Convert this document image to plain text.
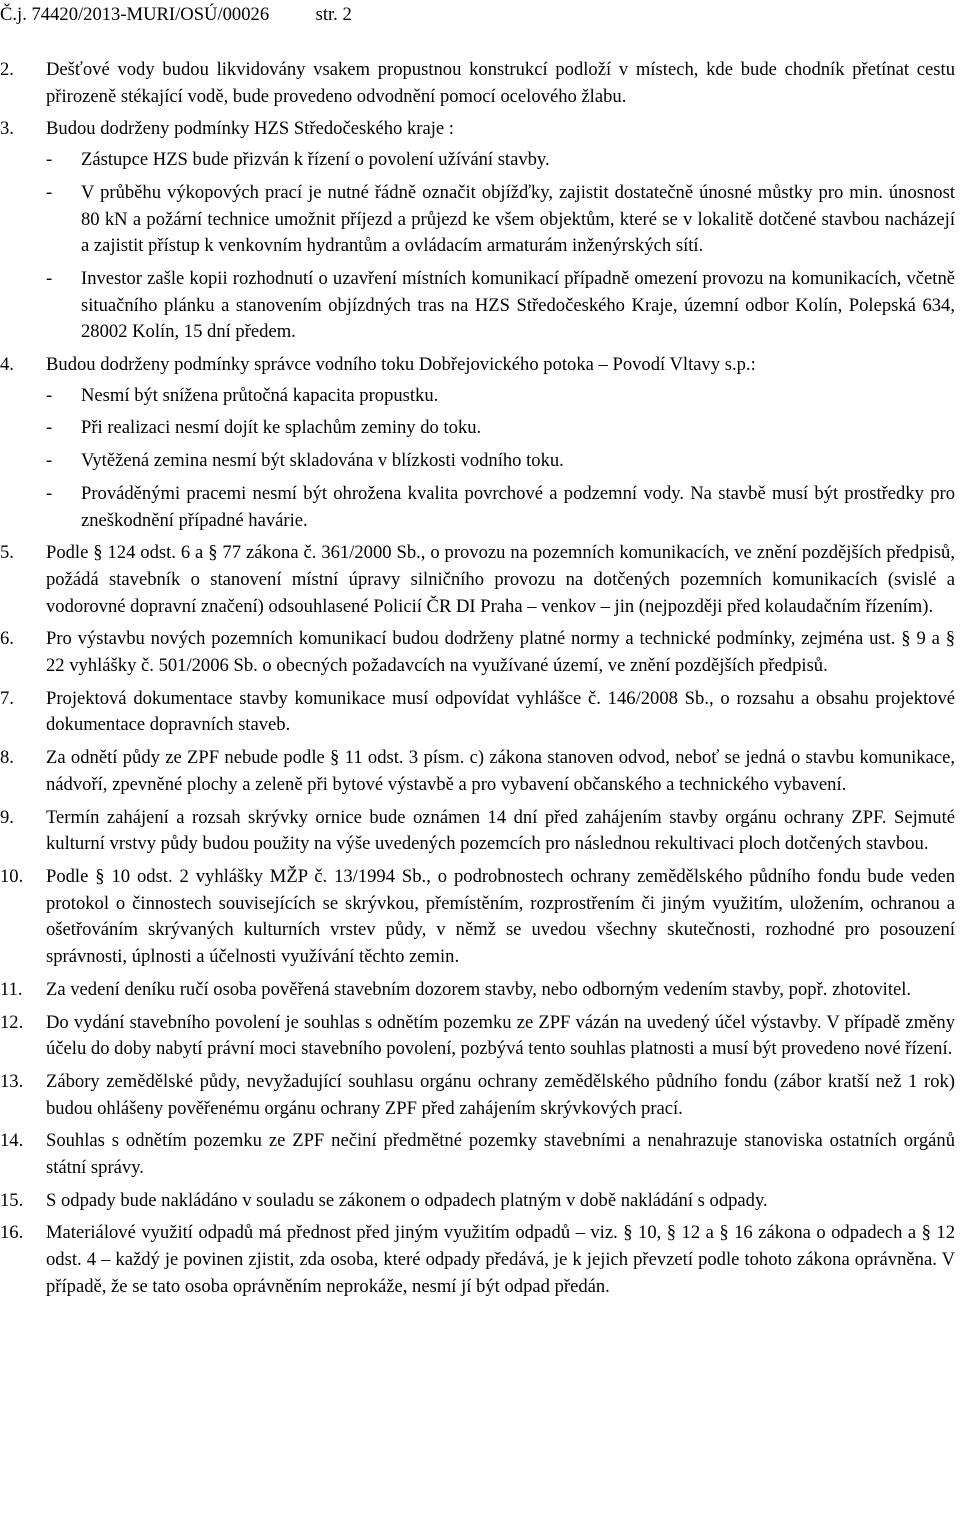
Č.j. 74420/2013-MURI/OSÚ/00026          str. 2
2. Dešťové vody budou likvidovány vsakem propustnou konstrukcí podloží v místech, kde bude chodník přetínat cestu přirozeně stékající vodě, bude provedeno odvodnění pomocí ocelového žlabu.
3. Budou dodrženy podmínky HZS Středočeského kraje :
- Zástupce HZS bude přizván k řízení o povolení užívání stavby.
- V průběhu výkopových prací je nutné řádně označit objížďky, zajistit dostatečně únosné můstky pro min. únosnost 80 kN a požární technice umožnit příjezd a průjezd ke všem objektům, které se v lokalitě dotčené stavbou nacházejí a zajistit přístup k venkovním hydrantům a ovládacím armaturám inženýrských sítí.
- Investor zašle kopii rozhodnutí o uzavření místních komunikací případně omezení provozu na komunikacích, včetně situačního plánku a stanovením objízdných tras na HZS Středočeského Kraje, územní odbor Kolín, Polepská 634, 28002 Kolín, 15 dní předem.
4. Budou dodrženy podmínky správce vodního toku Dobřejovického potoka – Povodí Vltavy s.p.:
- Nesmí být snížena průtočná kapacita propustku.
- Při realizaci nesmí dojít ke splachům zeminy do toku.
- Vytěžená zemina nesmí být skladována v blízkosti vodního toku.
- Prováděnými pracemi nesmí být ohrožena kvalita povrchové a podzemní vody. Na stavbě musí být prostředky pro zneškodnění případné havárie.
5. Podle § 124 odst. 6 a § 77 zákona č. 361/2000 Sb., o provozu na pozemních komunikacích, ve znění pozdějších předpisů, požádá stavebník o stanovení místní úpravy silničního provozu na dotčených pozemních komunikacích (svislé a vodorovné dopravní značení) odsouhlasené Policií ČR DI Praha – venkov – jin (nejpozději před kolaudačním řízením).
6. Pro výstavbu nových pozemních komunikací budou dodrženy platné normy a technické podmínky, zejména ust. § 9 a § 22 vyhlášky č. 501/2006 Sb. o obecných požadavcích na využívané území, ve znění pozdějších předpisů.
7. Projektová dokumentace stavby komunikace musí odpovídat vyhlášce č. 146/2008 Sb., o rozsahu a obsahu projektové dokumentace dopravních staveb.
8. Za odnětí půdy ze ZPF nebude podle § 11 odst. 3 písm. c) zákona stanoven odvod, neboť se jedná o stavbu komunikace, nádvoří, zpevněné plochy a zeleně při bytové výstavbě a pro vybavení občanského a technického vybavení.
9. Termín zahájení a rozsah skrývky ornice bude oznámen 14 dní před zahájením stavby orgánu ochrany ZPF. Sejmuté kulturní vrstvy půdy budou použity na výše uvedených pozemcích pro následnou rekultivaci ploch dotčených stavbou.
10. Podle § 10 odst. 2 vyhlášky MŽP č. 13/1994 Sb., o podrobnostech ochrany zemědělského půdního fondu bude veden protokol o činnostech souvisejících se skrývkou, přemístěním, rozprostřením či jiným využitím, uložením, ochranou a ošetřováním skrývaných kulturních vrstev půdy, v němž se uvedou všechny skutečnosti, rozhodné pro posouzení správnosti, úplnosti a účelnosti využívání těchto zemin.
11. Za vedení deníku ručí osoba pověřená stavebním dozorem stavby, nebo odborným vedením stavby, popř. zhotovitel.
12. Do vydání stavebního povolení je souhlas s odnětím pozemku ze ZPF vázán na uvedený účel výstavby. V případě změny účelu do doby nabytí právní moci stavebního povolení, pozbývá tento souhlas platnosti a musí být provedeno nové řízení.
13. Zábory zemědělské půdy, nevyžadující souhlasu orgánu ochrany zemědělského půdního fondu (zábor kratší než 1 rok) budou ohlášeny pověřenému orgánu ochrany ZPF před zahájením skrývkových prací.
14. Souhlas s odnětím pozemku ze ZPF nečiní předmětné pozemky stavebními a nenahrazuje stanoviska ostatních orgánů státní správy.
15. S odpady bude nakládáno v souladu se zákonem o odpadech platným v době nakládání s odpady.
16. Materiálové využití odpadů má přednost před jiným využitím odpadů – viz. § 10, § 12 a § 16 zákona o odpadech a § 12 odst. 4 – každý je povinen zjistit, zda osoba, které odpady předává, je k jejich převzetí podle tohoto zákona oprávněna. V případě, že se tato osoba oprávněním neprokáže, nesmí jí být odpad předán.
